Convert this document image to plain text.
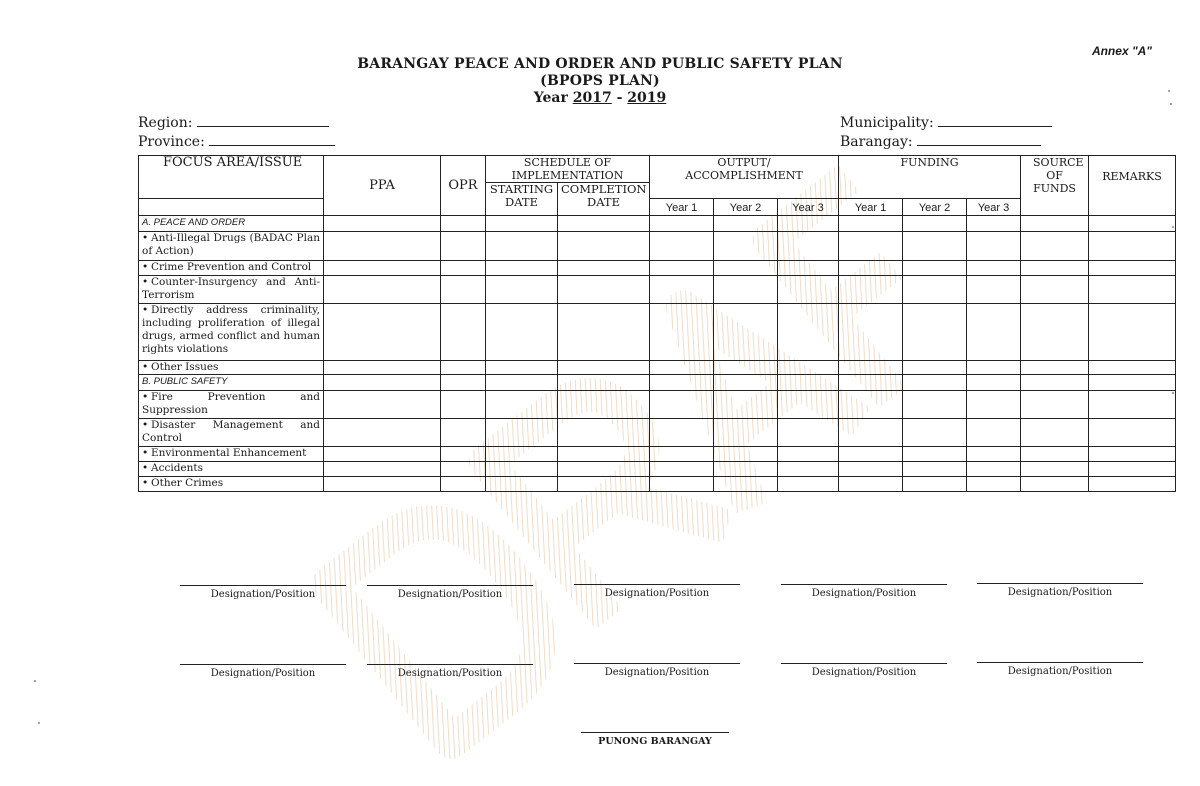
Annex "A"
BARANGAY PEACE AND ORDER AND PUBLIC SAFETY PLAN
(BPOPS PLAN)
Year 2017 - 2019
Region:
Province:
Municipality:
Barangay:
FOCUS AREA/ISSUE	PPA	OPR	SCHEDULE OF IMPLEMENTATION		OUTPUT/ ACCOMPLISHMENT			FUNDING			SOURCE OF FUNDS	REMARKS
			STARTING DATE	COMPLETION DATE								
					Year 1	Year 2	Year 3	Year 1	Year 2	Year 3		
A. PEACE AND ORDER												
• Anti-Illegal Drugs (BADAC Plan of Action)												
• Crime Prevention and Control												
• Counter-Insurgency and Anti-Terrorism												
• Directly address criminality, including proliferation of illegal drugs, armed conflict and human rights violations												
• Other Issues												
B. PUBLIC SAFETY												
• Fire Prevention and Suppression												
• Disaster Management and Control												
• Environmental Enhancement												
• Accidents												
• Other Crimes												
Designation/Position	Designation/Position	Designation/Position	Designation/Position	Designation/Position
Designation/Position	Designation/Position	Designation/Position	Designation/Position	Designation/Position
PUNONG BARANGAY
